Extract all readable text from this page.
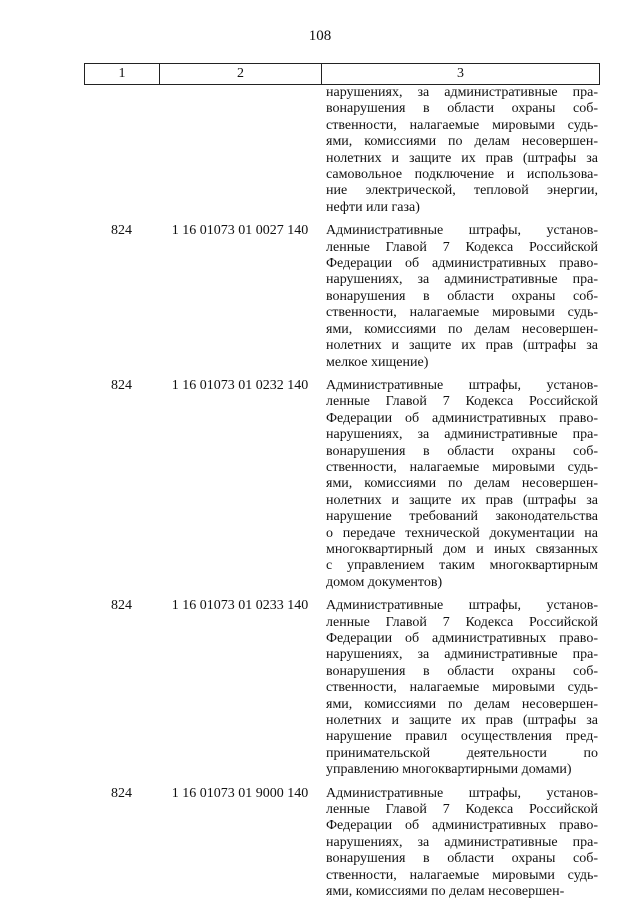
108
1	2	3
нарушениях, за административные пра-
вонарушения в области охраны соб-
ственности, налагаемые мировыми судь-
ями, комиссиями по делам несовершен-
нолетних и защите их прав (штрафы за
самовольное подключение и использова-
ние электрической, тепловой энергии,
нефти или газа)
824	1 16 01073 01 0027 140	Административные штрафы, установ-
ленные Главой 7 Кодекса Российской
Федерации об административных право-
нарушениях, за административные пра-
вонарушения в области охраны соб-
ственности, налагаемые мировыми судь-
ями, комиссиями по делам несовершен-
нолетних и защите их прав (штрафы за
мелкое хищение)
824	1 16 01073 01 0232 140	Административные штрафы, установ-
ленные Главой 7 Кодекса Российской
Федерации об административных право-
нарушениях, за административные пра-
вонарушения в области охраны соб-
ственности, налагаемые мировыми судь-
ями, комиссиями по делам несовершен-
нолетних и защите их прав (штрафы за
нарушение требований законодательства
о передаче технической документации на
многоквартирный дом и иных связанных
с управлением таким многоквартирным
домом документов)
824	1 16 01073 01 0233 140	Административные штрафы, установ-
ленные Главой 7 Кодекса Российской
Федерации об административных право-
нарушениях, за административные пра-
вонарушения в области охраны соб-
ственности, налагаемые мировыми судь-
ями, комиссиями по делам несовершен-
нолетних и защите их прав (штрафы за
нарушение правил осуществления пред-
принимательской деятельности по
управлению многоквартирными домами)
824	1 16 01073 01 9000 140	Административные штрафы, установ-
ленные Главой 7 Кодекса Российской
Федерации об административных право-
нарушениях, за административные пра-
вонарушения в области охраны соб-
ственности, налагаемые мировыми судь-
ями, комиссиями по делам несовершен-
